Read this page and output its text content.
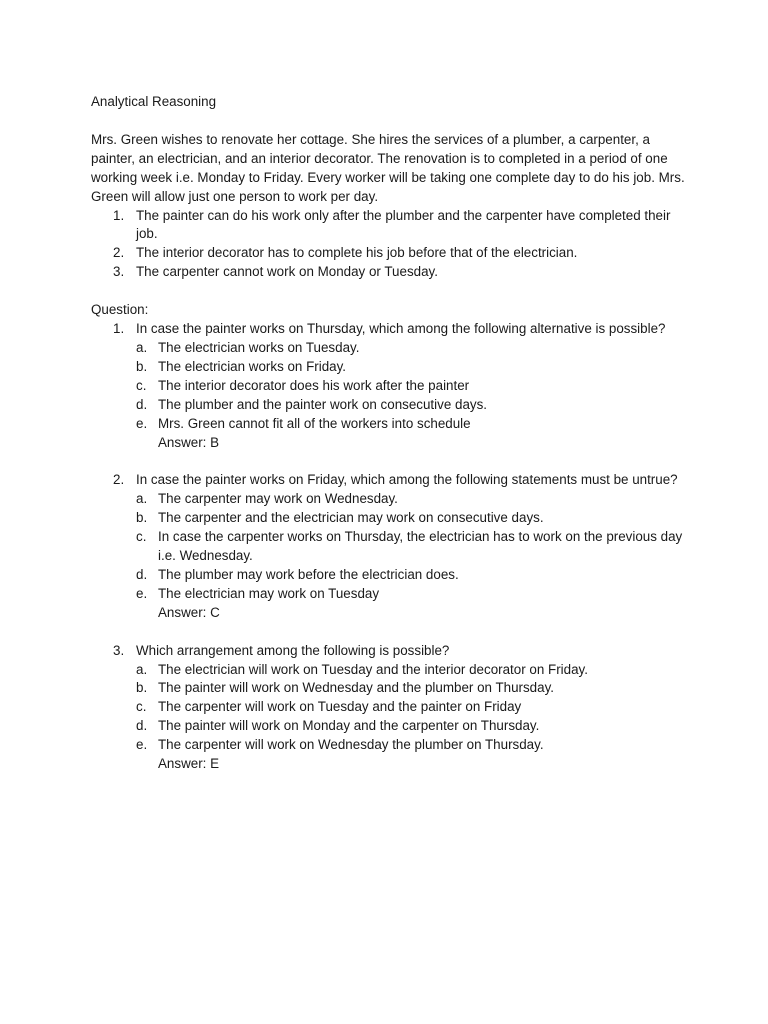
Analytical Reasoning

Mrs. Green wishes to renovate her cottage. She hires the services of a plumber, a carpenter, a painter, an electrician, and an interior decorator. The renovation is to completed in a period of one working week i.e. Monday to Friday. Every worker will be taking one complete day to do his job. Mrs. Green will allow just one person to work per day.

1. The painter can do his work only after the plumber and the carpenter have completed their job.
2. The interior decorator has to complete his job before that of the electrician.
3. The carpenter cannot work on Monday or Tuesday.

Question:

1. In case the painter works on Thursday, which among the following alternative is possible?
a. The electrician works on Tuesday.
b. The electrician works on Friday.
c. The interior decorator does his work after the painter
d. The plumber and the painter work on consecutive days.
e. Mrs. Green cannot fit all of the workers into schedule
Answer: B
2. In case the painter works on Friday, which among the following statements must be untrue?
a. The carpenter may work on Wednesday.
b. The carpenter and the electrician may work on consecutive days.
c. In case the carpenter works on Thursday, the electrician has to work on the previous day i.e. Wednesday.
d. The plumber may work before the electrician does.
e. The electrician may work on Tuesday
Answer: C
3. Which arrangement among the following is possible?
a. The electrician will work on Tuesday and the interior decorator on Friday.
b. The painter will work on Wednesday and the plumber on Thursday.
c. The carpenter will work on Tuesday and the painter on Friday
d. The painter will work on Monday and the carpenter on Thursday.
e. The carpenter will work on Wednesday the plumber on Thursday.
Answer: E
